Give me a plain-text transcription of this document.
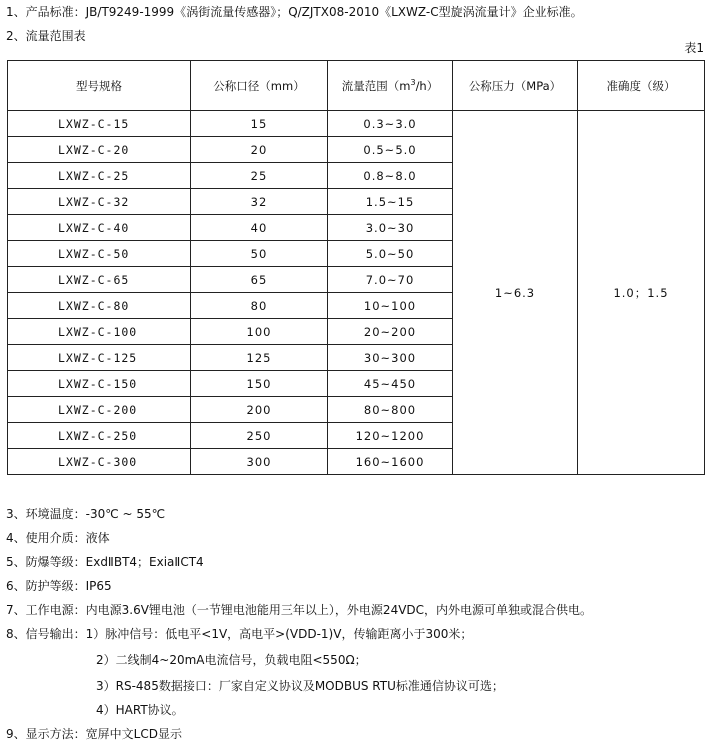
1、产品标准：JB/T9249-1999《涡街流量传感器》；Q/ZJTX08-2010《LXWZ-C型旋涡流量计》企业标准。
2、流量范围表
表1
型号规格	公称口径（mm）	流量范围$(m^3/h)$	公称压力（MPa）	准确度（级）
LXWZ-C-15	15	0.3~3.0	1~6.3	1.0；1.5
LXWZ-C-20	20	0.5~5.0		
LXWZ-C-25	25	0.8~8.0		
LXWZ-C-32	32	1.5~15		
LXWZ-C-40	40	3.0~30		
LXWZ-C-50	50	5.0~50		
LXWZ-C-65	65	7.0~70		
LXWZ-C-80	80	10~100		
LXWZ-C-100	100	20~200		
LXWZ-C-125	125	30~300		
LXWZ-C-150	150	45~450		
LXWZ-C-200	200	80~800		
LXWZ-C-250	250	120~1200		
LXWZ-C-300	300	160~1600		
3、环境温度：-30℃ ~ 55℃
4、使用介质：液体
5、防爆等级：ExdⅡBT4；ExiaⅡCT4
6、防护等级：IP65
7、工作电源：内电源3.6V锂电池（一节锂电池能用三年以上），外电源24VDC，内外电源可单独或混合供电。
8、信号输出：1）脉冲信号：低电平<1V，高电平>(VDD-1)V，传输距离小于300米；
2）二线制4~20mA电流信号，负载电阻<550Ω；
3）RS-485数据接口：厂家自定义协议及MODBUS RTU标准通信协议可选；
4）HART协议。
9、显示方法：宽屏中文LCD显示
